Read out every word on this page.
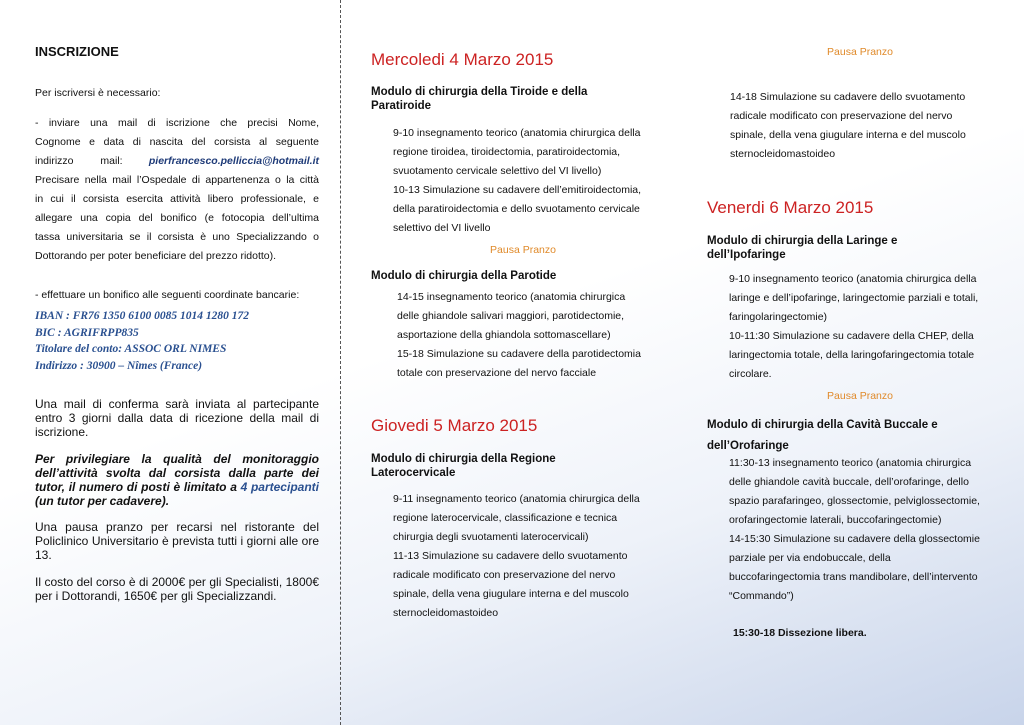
INSCRIZIONE
Per iscriversi è necessario:
- inviare una mail di iscrizione che precisi Nome,
Cognome e data di nascita del corsista al seguente
indirizzo mail:	pierfrancesco.pelliccia@hotmail.it
Precisare nella mail l’Ospedale di appartenenza o la città
in cui il corsista esercita attività libero professionale, e
allegare una copia del bonifico (e fotocopia dell’ultima
tassa universitaria se il corsista è uno Specializzando o
Dottorando per poter beneficiare del prezzo ridotto).
- effettuare un bonifico alle seguenti coordinate bancarie:
IBAN : FR76 1350 6100 0085 1014 1280 172
BIC : AGRIFRPP835
Titolare del conto: ASSOC ORL NIMES
Indirizzo : 30900 – Nîmes (France)
Una mail di conferma sarà inviata al partecipante entro 3 giorni dalla data di ricezione della mail di iscrizione.
Per privilegiare la qualità del monitoraggio dell’attività svolta dal corsista dalla parte dei tutor, il numero di posti è limitato a 4 partecipanti (un tutor per cadavere).
Una pausa pranzo per recarsi nel ristorante del Policlinico Universitario è prevista tutti i giorni alle ore 13.
Il costo del corso è di 2000€ per gli Specialisti, 1800€ per i Dottorandi, 1650€ per gli Specializzandi.
Mercoledi 4 Marzo 2015
Modulo di chirurgia della Tiroide e della
Paratiroide
9-10 insegnamento teorico (anatomia chirurgica della
regione tiroidea, tiroidectomia, paratiroidectomia,
svuotamento cervicale selettivo del VI livello)
10-13 Simulazione su cadavere dell’emitiroidectomia,
della paratiroidectomia e dello svuotamento cervicale
selettivo del VI livello
Pausa Pranzo
Modulo di chirurgia della Parotide
14-15 insegnamento teorico (anatomia chirurgica
delle ghiandole salivari maggiori, parotidectomie,
asportazione della ghiandola sottomascellare)
15-18 Simulazione su cadavere della parotidectomia
totale con preservazione del nervo facciale
Giovedi 5 Marzo 2015
Modulo di chirurgia della Regione
Laterocervicale
9-11 insegnamento teorico (anatomia chirurgica della
regione laterocervicale, classificazione e tecnica
chirurgia degli svuotamenti laterocervicali)
11-13 Simulazione su cadavere dello svuotamento
radicale modificato con preservazione del nervo
spinale, della vena giugulare interna e del muscolo
sternocleidomastoideo
Pausa Pranzo
14-18 Simulazione su cadavere dello svuotamento
radicale modificato con preservazione del nervo
spinale, della vena giugulare interna e del muscolo
sternocleidomastoideo
Venerdi 6 Marzo 2015
Modulo di chirurgia della Laringe e
dell’Ipofaringe
9-10 insegnamento teorico (anatomia chirurgica della
laringe e dell’ipofaringe, laringectomie parziali e totali,
faringolaringectomie)
10-11:30 Simulazione su cadavere della CHEP, della
laringectomia totale, della laringofaringectomia totale
circolare.
Pausa Pranzo
Modulo di chirurgia della Cavità Buccale e
dell’Orofaringe
11:30-13 insegnamento teorico (anatomia chirurgica
delle ghiandole cavità buccale, dell’orofaringe, dello
spazio parafaringeo, glossectomie, pelviglossectomie,
orofaringectomie laterali, buccofaringectomie)
14-15:30 Simulazione su cadavere della glossectomie
parziale per via endobuccale, della
buccofaringectomia trans mandibolare, dell’intervento
“Commando”)
15:30-18 Dissezione libera.
